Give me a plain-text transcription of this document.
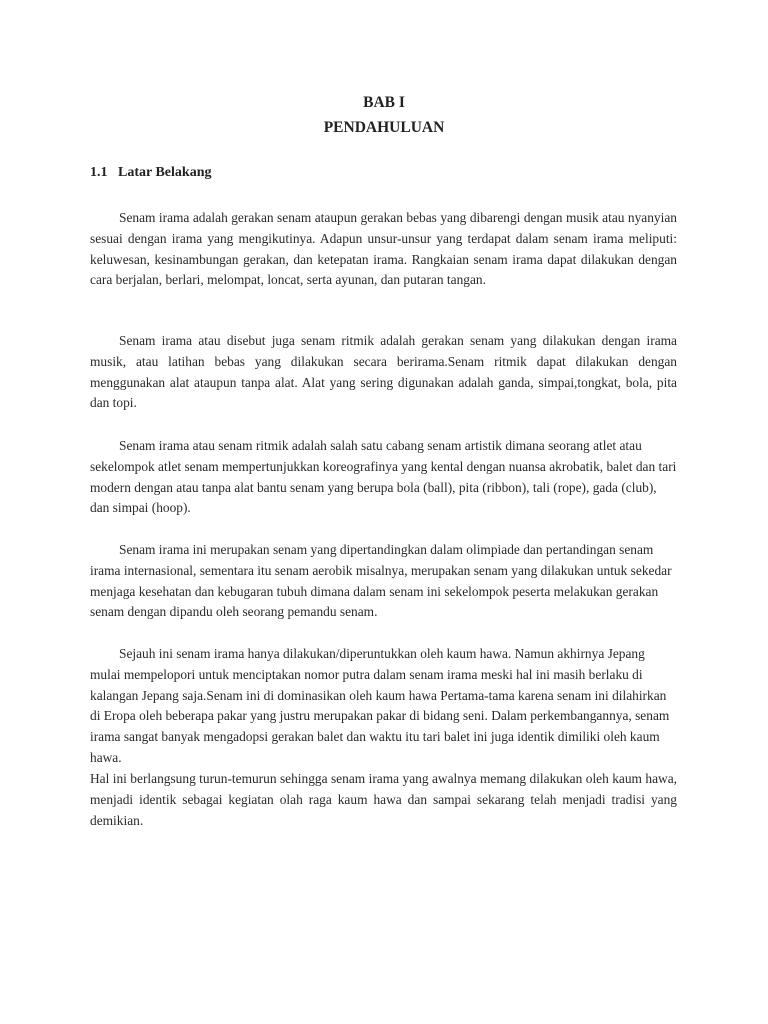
BAB I
PENDAHULUAN
1.1 Latar Belakang

Senam irama adalah gerakan senam ataupun gerakan bebas yang dibarengi dengan musik atau nyanyian sesuai dengan irama yang mengikutinya. Adapun unsur-unsur yang terdapat dalam senam irama meliputi: keluwesan, kesinambungan gerakan, dan ketepatan irama. Rangkaian senam irama dapat dilakukan dengan cara berjalan, berlari, melompat, loncat, serta ayunan, dan putaran tangan.

Senam irama atau disebut juga senam ritmik adalah gerakan senam yang dilakukan dengan irama musik, atau latihan bebas yang dilakukan secara berirama.Senam ritmik dapat dilakukan dengan menggunakan alat ataupun tanpa alat. Alat yang sering digunakan adalah ganda, simpai,tongkat, bola, pita dan topi.

Senam irama atau senam ritmik adalah salah satu cabang senam artistik dimana seorang atlet atau sekelompok atlet senam mempertunjukkan koreografinya yang kental dengan nuansa akrobatik, balet dan tari modern dengan atau tanpa alat bantu senam yang berupa bola (ball), pita (ribbon), tali (rope), gada (club), dan simpai (hoop).

Senam irama ini merupakan senam yang dipertandingkan dalam olimpiade dan pertandingan senam irama internasional, sementara itu senam aerobik misalnya, merupakan senam yang dilakukan untuk sekedar menjaga kesehatan dan kebugaran tubuh dimana dalam senam ini sekelompok peserta melakukan gerakan senam dengan dipandu oleh seorang pemandu senam.

Sejauh ini senam irama hanya dilakukan/diperuntukkan oleh kaum hawa. Namun akhirnya Jepang mulai mempelopori untuk menciptakan nomor putra dalam senam irama meski hal ini masih berlaku di kalangan Jepang saja.Senam ini di dominasikan oleh kaum hawa Pertama-tama karena senam ini dilahirkan di Eropa oleh beberapa pakar yang justru merupakan pakar di bidang seni. Dalam perkembangannya, senam irama sangat banyak mengadopsi gerakan balet dan waktu itu tari balet ini juga identik dimiliki oleh kaum hawa.

Hal ini berlangsung turun-temurun sehingga senam irama yang awalnya memang dilakukan oleh kaum hawa, menjadi identik sebagai kegiatan olah raga kaum hawa dan sampai sekarang telah menjadi tradisi yang demikian.
